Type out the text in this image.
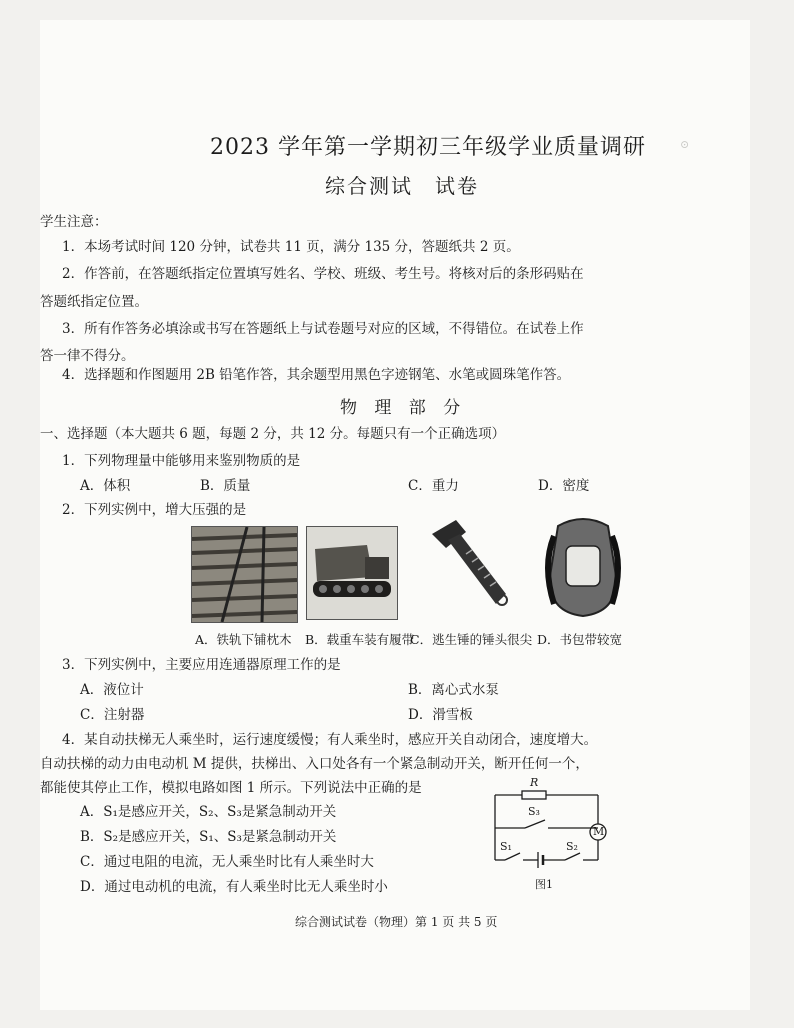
⊙
2023 学年第一学期初三年级学业质量调研
综合测试　试卷
学生注意：
1．本场考试时间 120 分钟，试卷共 11 页，满分 135 分，答题纸共 2 页。
2．作答前，在答题纸指定位置填写姓名、学校、班级、考生号。将核对后的条形码贴在
答题纸指定位置。
3．所有作答务必填涂或书写在答题纸上与试卷题号对应的区域，不得错位。在试卷上作
答一律不得分。
4．选择题和作图题用 2B 铅笔作答，其余题型用黑色字迹钢笔、水笔或圆珠笔作答。
物 理 部 分
一、选择题（本大题共 6 题，每题 2 分，共 12 分。每题只有一个正确选项）
1．下列物理量中能够用来鉴别物质的是
A．体积	B．质量	C．重力	D．密度
2．下列实例中，增大压强的是
A．铁轨下铺枕木 B．载重车装有履带
C．逃生锤的锤头很尖 D．书包带较宽
3．下列实例中，主要应用连通器原理工作的是
A．液位计	B．离心式水泵
C．注射器	D．滑雪板
4．某自动扶梯无人乘坐时，运行速度缓慢；有人乘坐时，感应开关自动闭合，速度增大。
自动扶梯的动力由电动机 M 提供，扶梯出、入口处各有一个紧急制动开关，断开任何一个，
都能使其停止工作，模拟电路如图 1 所示。下列说法中正确的是
A．S₁是感应开关，S₂、S₃是紧急制动开关
B．S₂是感应开关，S₁、S₃是紧急制动开关
C．通过电阻的电流，无人乘坐时比有人乘坐时大
D．通过电动机的电流，有人乘坐时比无人乘坐时小
R
S₃
S₁	S₂
M
图1
综合测试试卷（物理）第 1 页 共 5 页
